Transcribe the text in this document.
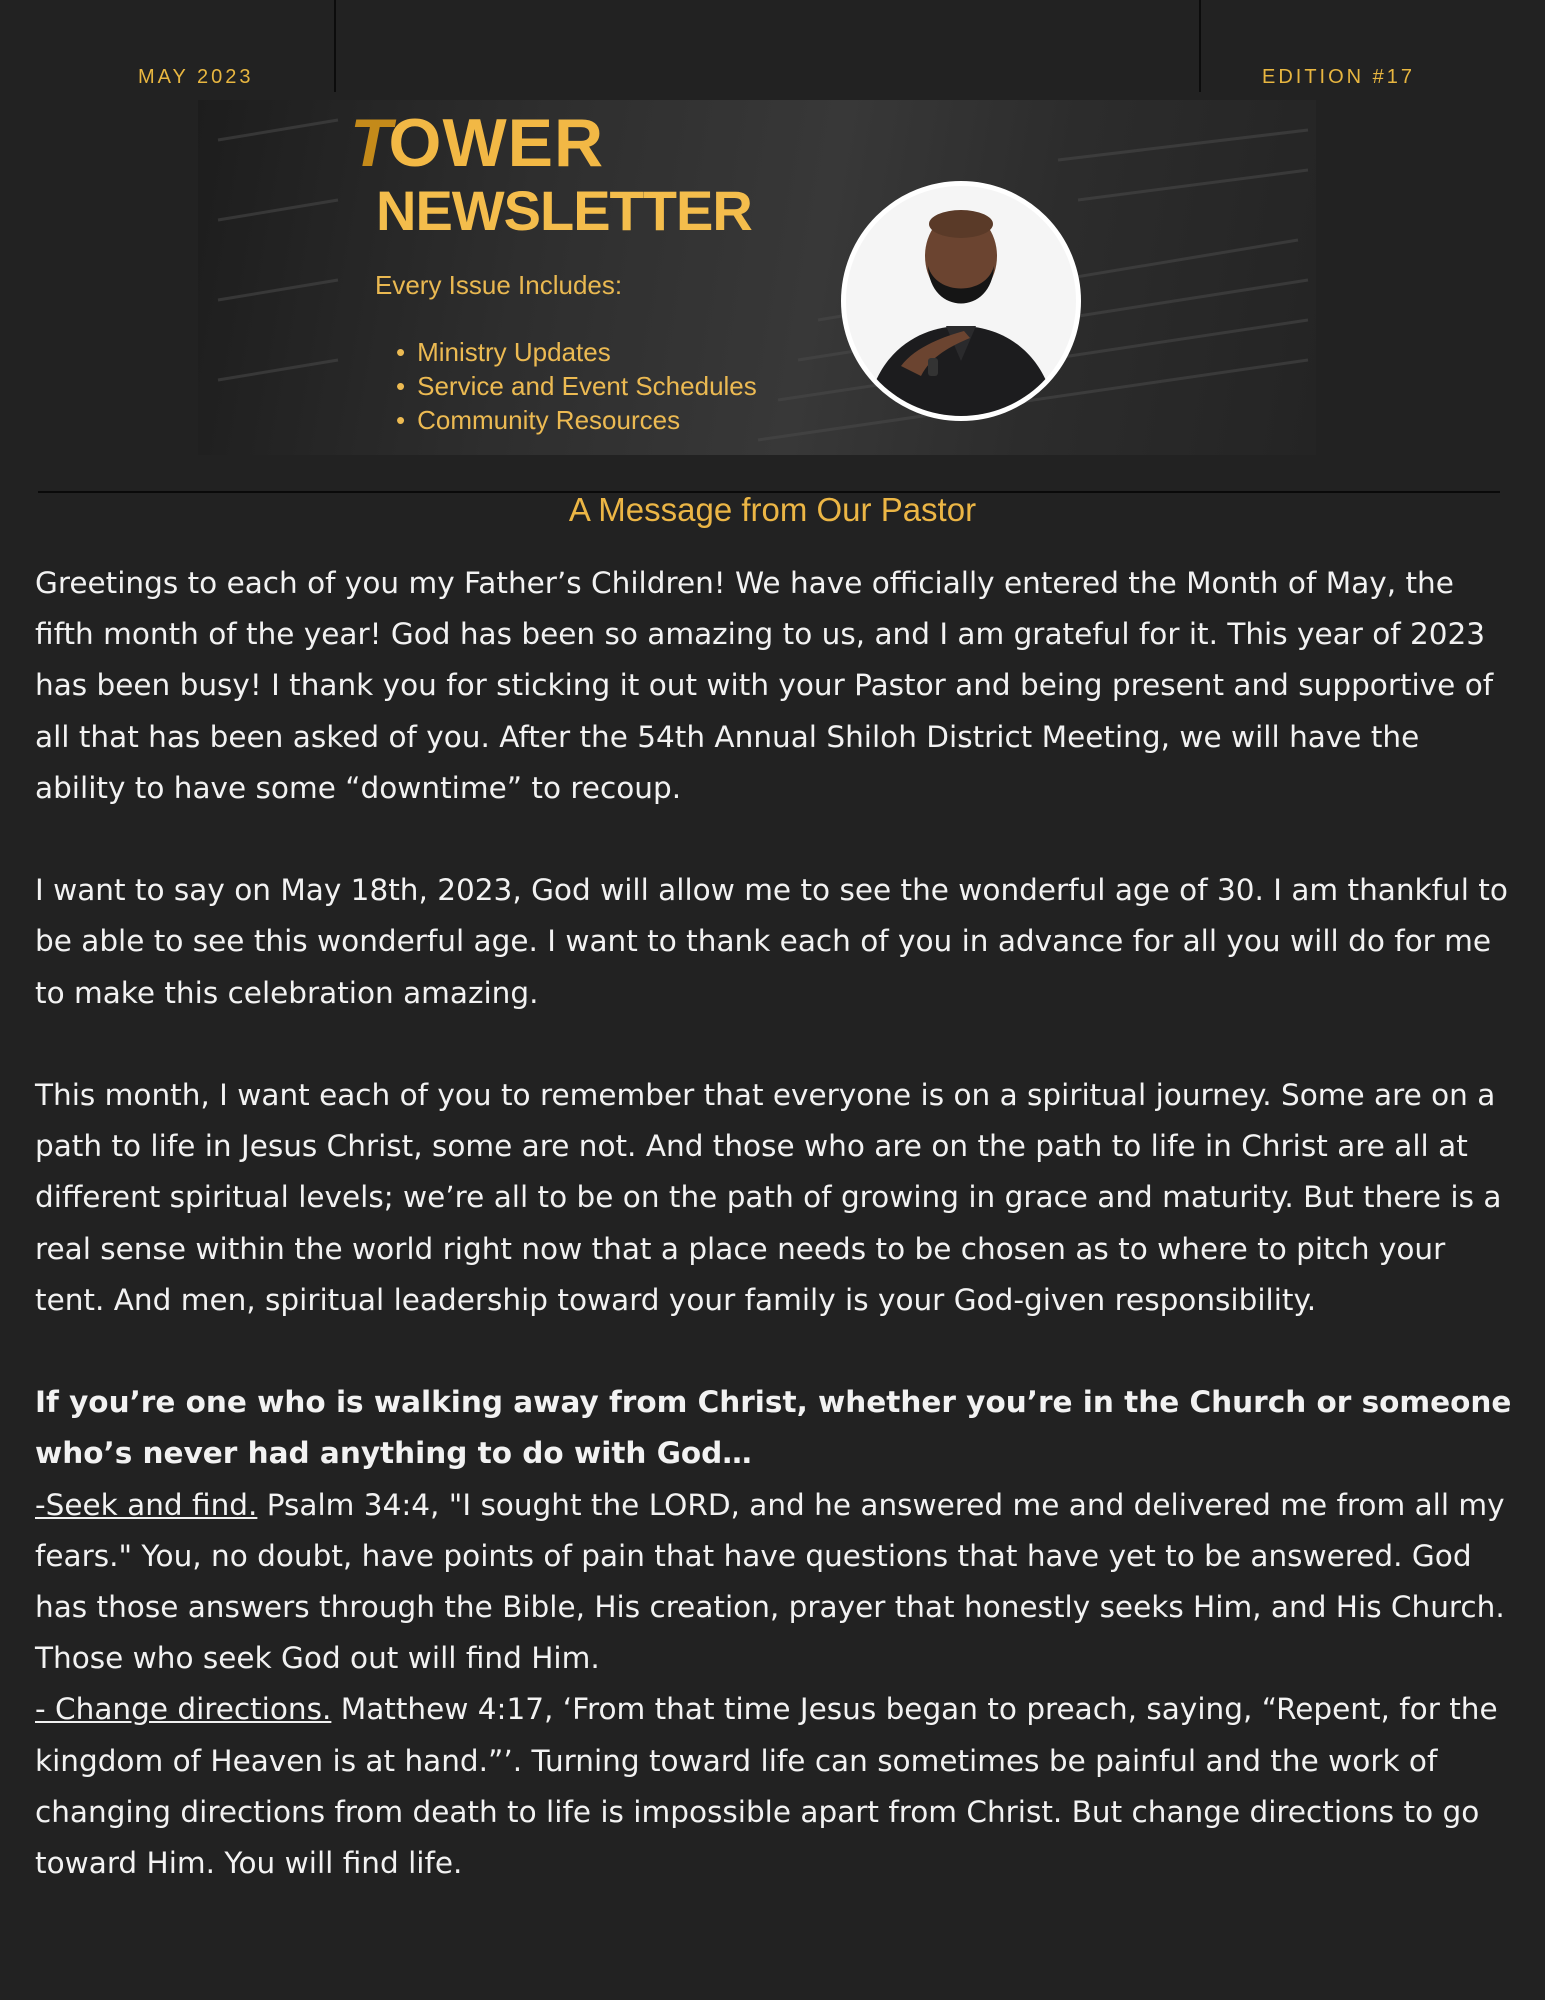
MAY 2023	EDITION #17
TOWER
NEWSLETTER
Every Issue Includes:
• Ministry Updates
• Service and Event Schedules
• Community Resources
A Message from Our Pastor

Greetings to each of you my Father’s Children! We have officially entered the Month of May, the fifth month of the year! God has been so amazing to us, and I am grateful for it. This year of 2023 has been busy! I thank you for sticking it out with your Pastor and being present and supportive of all that has been asked of you. After the 54th Annual Shiloh District Meeting, we will have the ability to have some “downtime” to recoup.

I want to say on May 18th, 2023, God will allow me to see the wonderful age of 30. I am thankful to be able to see this wonderful age. I want to thank each of you in advance for all you will do for me to make this celebration amazing.

This month, I want each of you to remember that everyone is on a spiritual journey. Some are on a path to life in Jesus Christ, some are not. And those who are on the path to life in Christ are all at different spiritual levels; we’re all to be on the path of growing in grace and maturity. But there is a real sense within the world right now that a place needs to be chosen as to where to pitch your tent. And men, spiritual leadership toward your family is your God-given responsibility.

If you’re one who is walking away from Christ, whether you’re in the Church or someone who’s never had anything to do with God…

-Seek and find. Psalm 34:4, "I sought the LORD, and he answered me and delivered me from all my fears." You, no doubt, have points of pain that have questions that have yet to be answered. God has those answers through the Bible, His creation, prayer that honestly seeks Him, and His Church. Those who seek God out will find Him.

- Change directions. Matthew 4:17, ‘From that time Jesus began to preach, saying, “Repent, for the kingdom of Heaven is at hand.”’. Turning toward life can sometimes be painful and the work of changing directions from death to life is impossible apart from Christ. But change directions to go toward Him. You will find life.
